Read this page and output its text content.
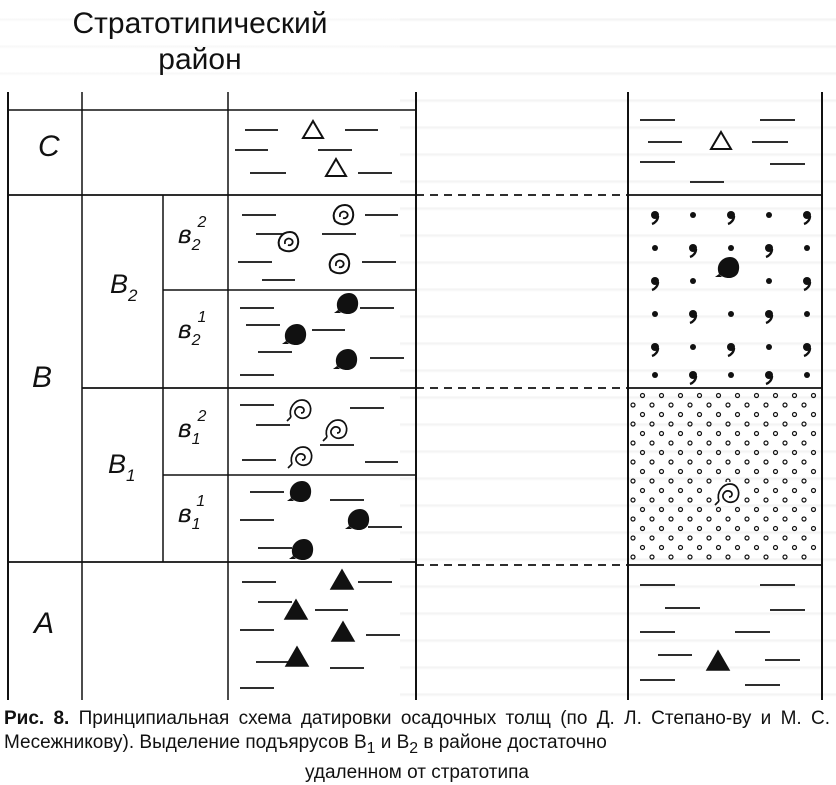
Стратотипический
район
C
B
A
$B_2$
$B_1$
$в_22$
$в_21$
$в_12$
$в_11$
Рис. 8. Принципиальная схема датировки осадочных толщ (по Д. Л. Степано-ву и М. С. Месежникову). Выделение подъярусов $В_1$ и $В_2$ в районе достаточно
удаленном от стратотипа
